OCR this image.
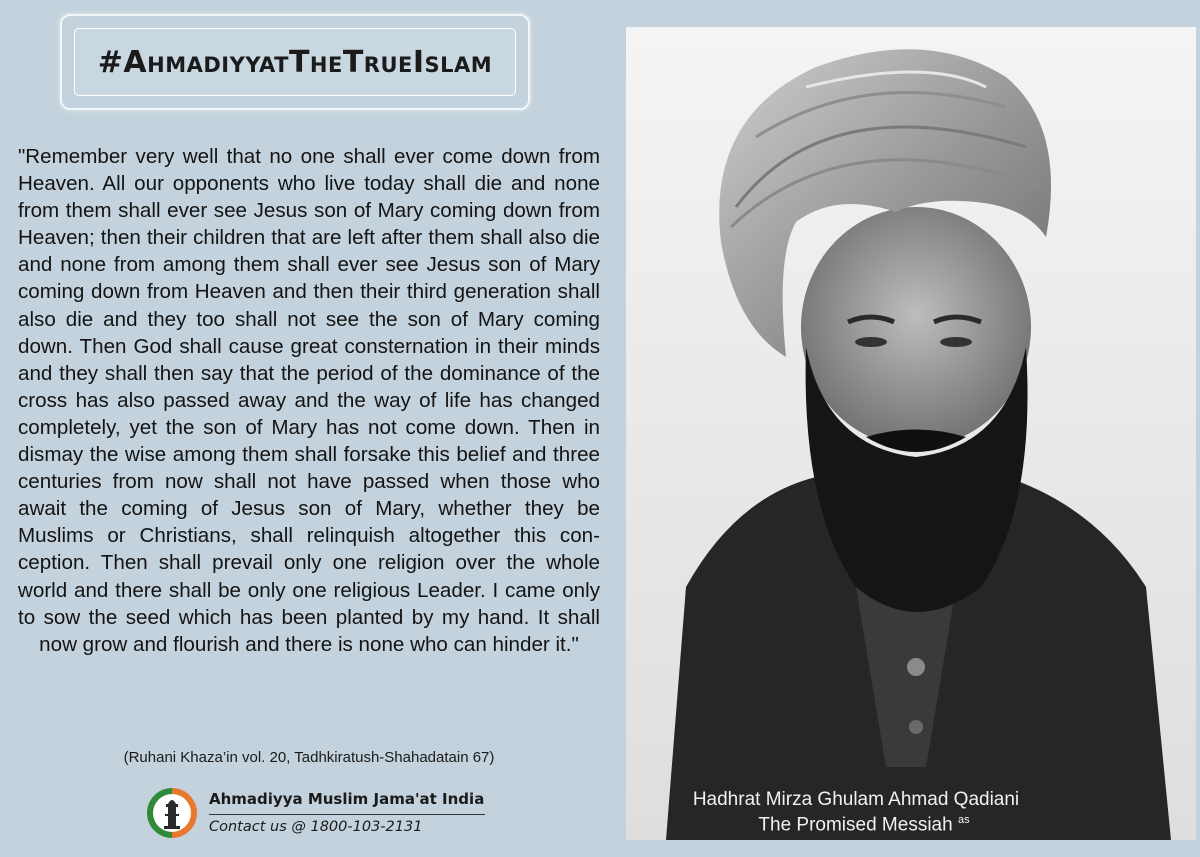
#AhmadiyyatTheTrueIslam

"Remember very well that no one shall ever come down from Heaven. All our opponents who live today shall die and none from them shall ever see Jesus son of Mary coming down from Heaven; then their children that are left after them shall also die and none from among them shall ever see Jesus son of Mary coming down from Heaven and then their third generation shall also die and they too shall not see the son of Mary coming down. Then God shall cause great consternation in their minds and they shall then say that the period of the dominance of the cross has also passed away and the way of life has changed completely, yet the son of Mary has not come down. Then in dismay the wise among them shall forsake this belief and three centuries from now shall not have passed when those who await the coming of Jesus son of Mary, whether they be Muslims or Christians, shall relinquish altogether this conception. Then shall prevail only one religion over the whole world and there shall be only one religious Leader. I came only to sow the seed which has been planted by my hand. It shall now grow and flourish and there is none who can hinder it."

(Ruhani Khaza’in vol. 20, Tadhkiratush-Shahadatain 67)
Ahmadiyya Muslim Jama'at India
Contact us @ 1800-103-2131
Hadhrat Mirza Ghulam Ahmad Qadiani
The Promised Messiah $^{as}$
